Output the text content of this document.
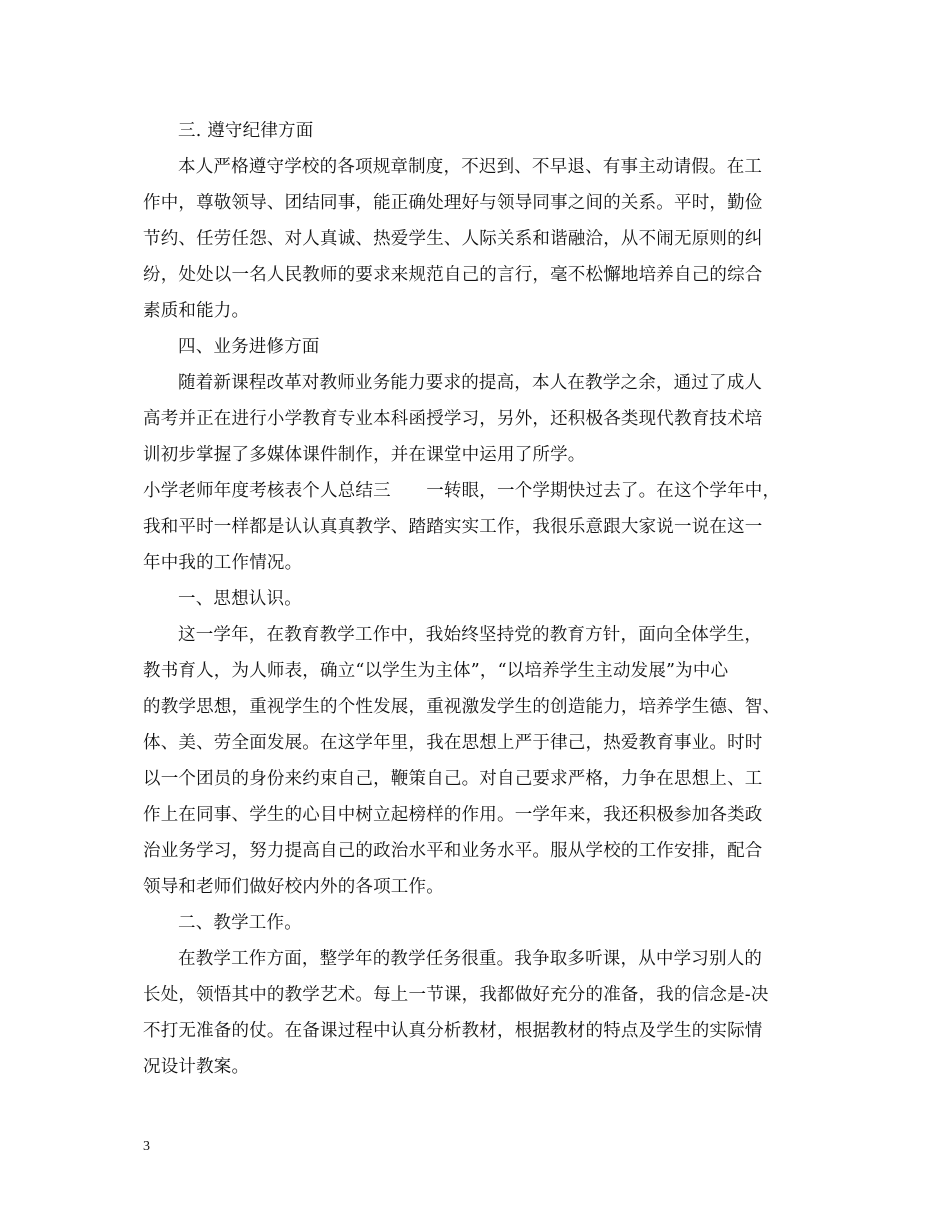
三. 遵守纪律方面
本人严格遵守学校的各项规章制度，不迟到、不早退、有事主动请假。在工
作中，尊敬领导、团结同事，能正确处理好与领导同事之间的关系。平时，勤俭
节约、任劳任怨、对人真诚、热爱学生、人际关系和谐融洽，从不闹无原则的纠
纷，处处以一名人民教师的要求来规范自己的言行，毫不松懈地培养自己的综合
素质和能力。
四、业务进修方面
随着新课程改革对教师业务能力要求的提高，本人在教学之余，通过了成人
高考并正在进行小学教育专业本科函授学习，另外，还积极各类现代教育技术培
训初步掌握了多媒体课件制作，并在课堂中运用了所学。
小学老师年度考核表个人总结三　　一转眼，一个学期快过去了。在这个学年中，
我和平时一样都是认认真真教学、踏踏实实工作，我很乐意跟大家说一说在这一
年中我的工作情况。
一、思想认识。
这一学年，在教育教学工作中，我始终坚持党的教育方针，面向全体学生，
教书育人，为人师表，确立“以学生为主体”，“以培养学生主动发展”为中心
的教学思想，重视学生的个性发展，重视激发学生的创造能力，培养学生德、智、
体、美、劳全面发展。在这学年里，我在思想上严于律己，热爱教育事业。时时
以一个团员的身份来约束自己，鞭策自己。对自己要求严格，力争在思想上、工
作上在同事、学生的心目中树立起榜样的作用。一学年来，我还积极参加各类政
治业务学习，努力提高自己的政治水平和业务水平。服从学校的工作安排，配合
领导和老师们做好校内外的各项工作。
二、教学工作。
在教学工作方面，整学年的教学任务很重。我争取多听课，从中学习别人的
长处，领悟其中的教学艺术。每上一节课，我都做好充分的准备，我的信念是-决
不打无准备的仗。在备课过程中认真分析教材，根据教材的特点及学生的实际情
况设计教案。
3
